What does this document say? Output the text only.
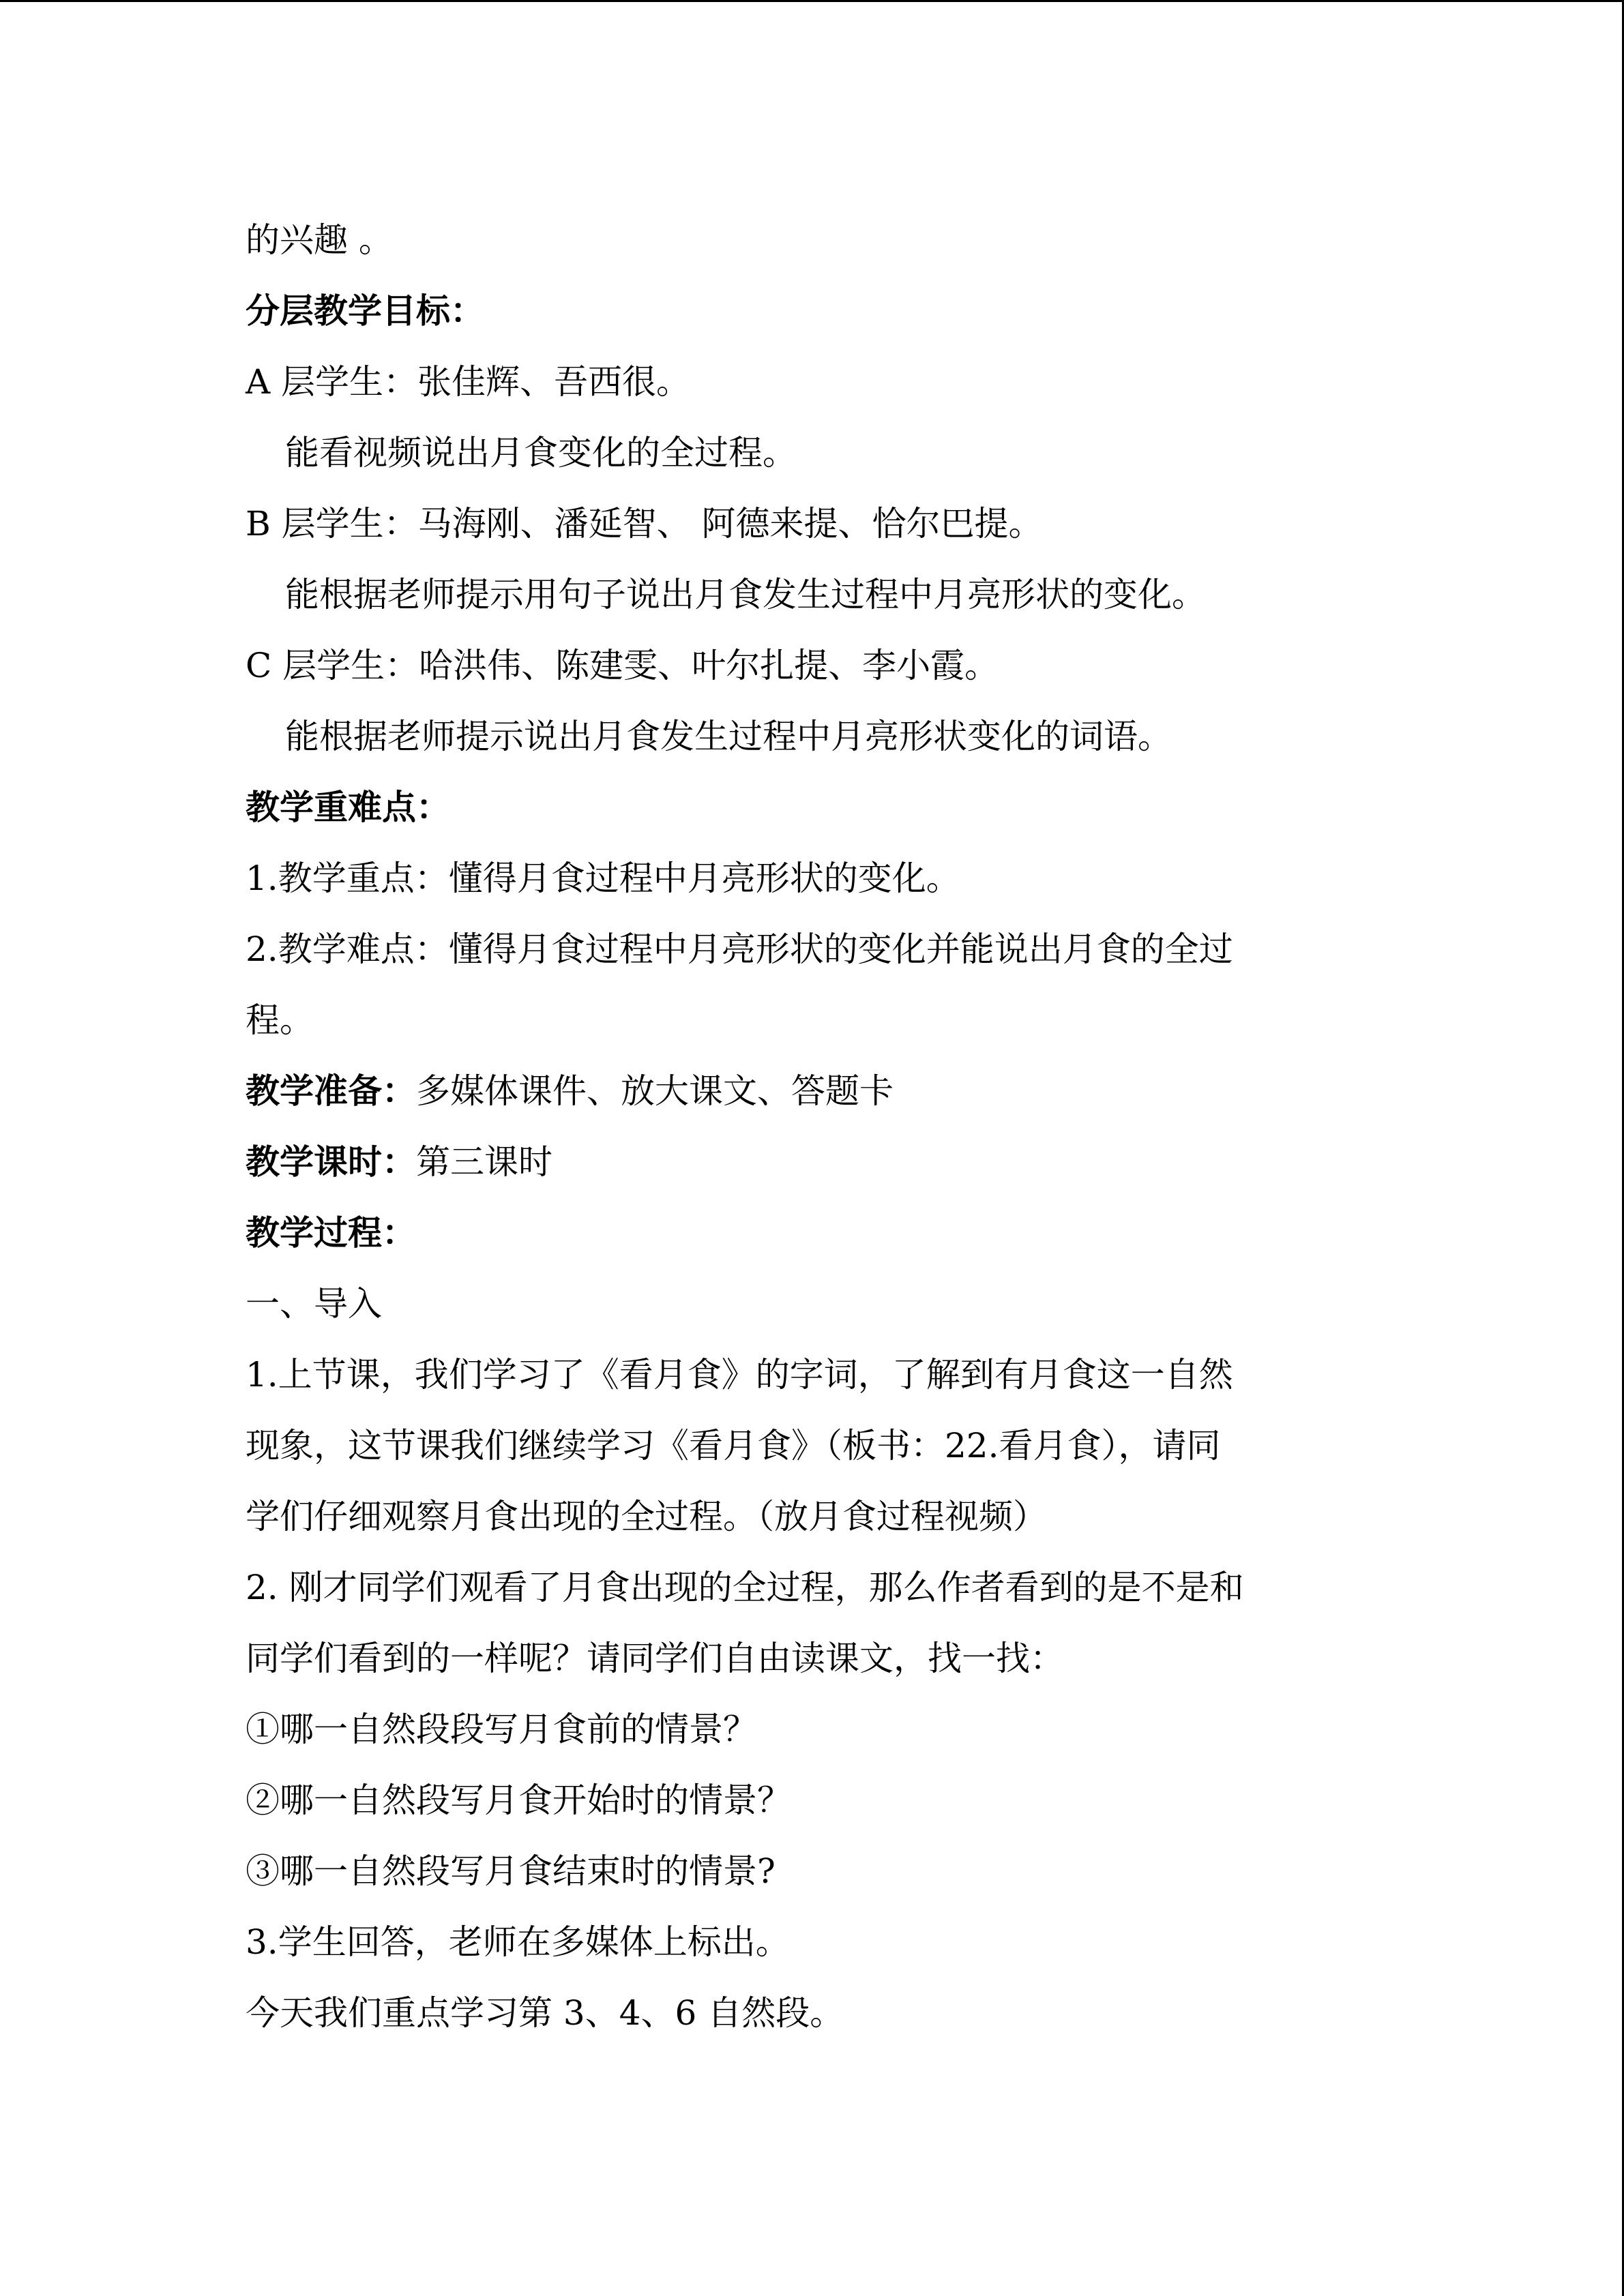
的兴趣 。
分层教学目标：
A 层学生：张佳辉、吾西很。
能看视频说出月食变化的全过程。
B 层学生：马海刚、潘延智、 阿德来提、恰尔巴提。
能根据老师提示用句子说出月食发生过程中月亮形状的变化。
C 层学生：哈洪伟、陈建雯、叶尔扎提、李小霞。
能根据老师提示说出月食发生过程中月亮形状变化的词语。
教学重难点：
1.教学重点：懂得月食过程中月亮形状的变化。
2.教学难点：懂得月食过程中月亮形状的变化并能说出月食的全过
程。
教学准备：多媒体课件、放大课文、答题卡
教学课时：第三课时
教学过程：
一、导入
1.上节课，我们学习了《看月食》的字词，了解到有月食这一自然
现象，这节课我们继续学习《看月食》（板书：22.看月食），请同
学们仔细观察月食出现的全过程。（放月食过程视频）
2. 刚才同学们观看了月食出现的全过程，那么作者看到的是不是和
同学们看到的一样呢？请同学们自由读课文，找一找：
①哪一自然段段写月食前的情景？
②哪一自然段写月食开始时的情景？
③哪一自然段写月食结束时的情景?
3.学生回答，老师在多媒体上标出。
今天我们重点学习第 3、4、6 自然段。
